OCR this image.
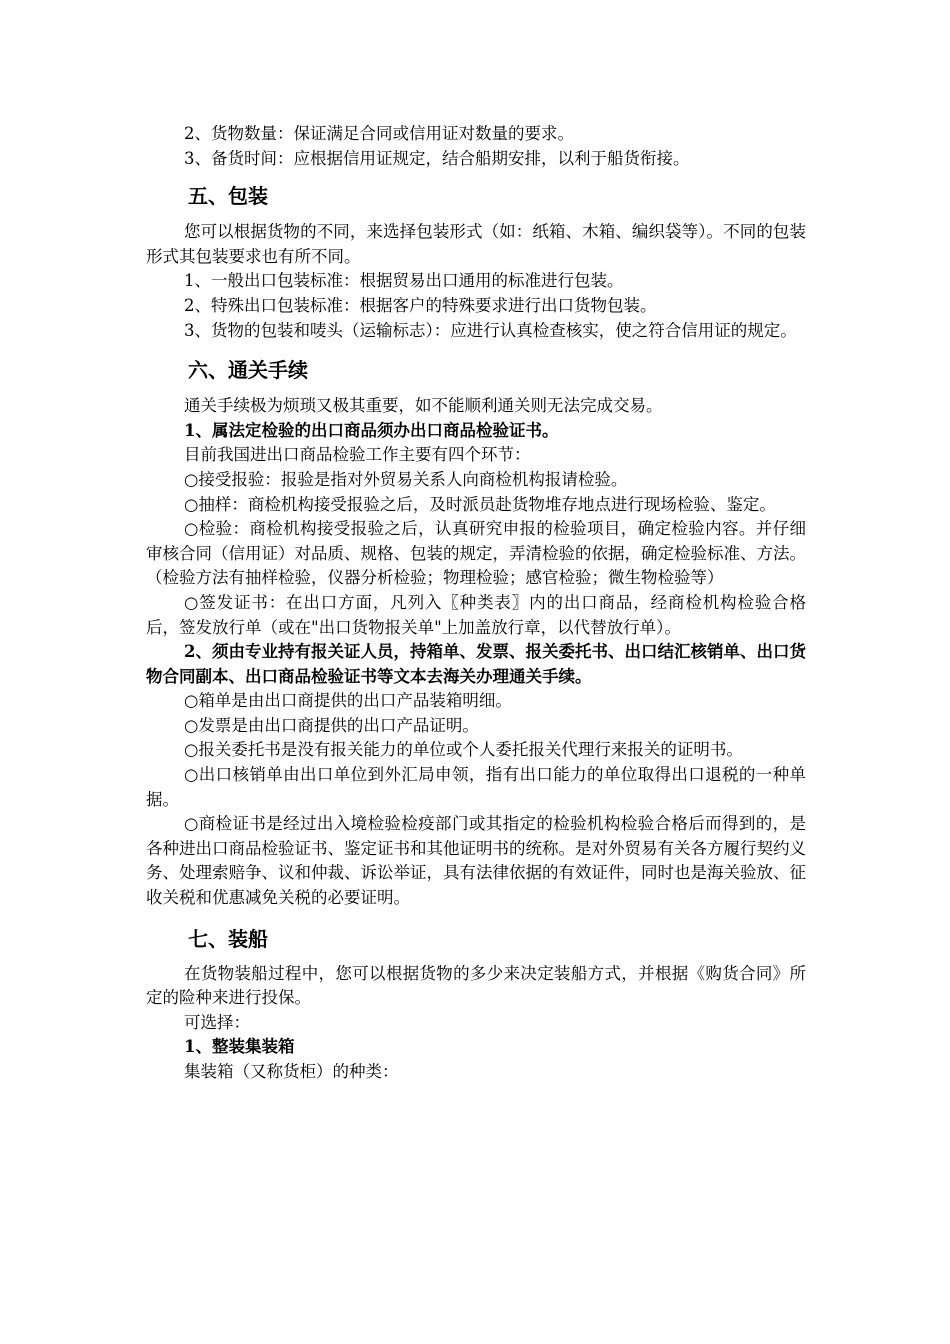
2、货物数量：保证满足合同或信用证对数量的要求。

3、备货时间：应根据信用证规定，结合船期安排，以利于船货衔接。

五、包装

您可以根据货物的不同，来选择包装形式（如：纸箱、木箱、编织袋等）。不同的包装形式其包装要求也有所不同。

1、一般出口包装标准：根据贸易出口通用的标准进行包装。

2、特殊出口包装标准：根据客户的特殊要求进行出口货物包装。

3、货物的包装和唛头（运输标志）：应进行认真检查核实，使之符合信用证的规定。

六、通关手续

通关手续极为烦琐又极其重要，如不能顺利通关则无法完成交易。

1、属法定检验的出口商品须办出口商品检验证书。

目前我国进出口商品检验工作主要有四个环节：

○接受报验：报验是指对外贸易关系人向商检机构报请检验。

○抽样：商检机构接受报验之后，及时派员赴货物堆存地点进行现场检验、鉴定。

○检验：商检机构接受报验之后，认真研究申报的检验项目，确定检验内容。并仔细审核合同（信用证）对品质、规格、包装的规定，弄清检验的依据，确定检验标准、方法。（检验方法有抽样检验，仪器分析检验；物理检验；感官检验；微生物检验等）

○签发证书：在出口方面，凡列入〖种类表〗内的出口商品，经商检机构检验合格后，签发放行单（或在"出口货物报关单"上加盖放行章，以代替放行单）。

2、须由专业持有报关证人员，持箱单、发票、报关委托书、出口结汇核销单、出口货物合同副本、出口商品检验证书等文本去海关办理通关手续。

○箱单是由出口商提供的出口产品装箱明细。

○发票是由出口商提供的出口产品证明。

○报关委托书是没有报关能力的单位或个人委托报关代理行来报关的证明书。

○出口核销单由出口单位到外汇局申领，指有出口能力的单位取得出口退税的一种单据。

○商检证书是经过出入境检验检疫部门或其指定的检验机构检验合格后而得到的，是各种进出口商品检验证书、鉴定证书和其他证明书的统称。是对外贸易有关各方履行契约义务、处理索赔争、议和仲裁、诉讼举证，具有法律依据的有效证件，同时也是海关验放、征收关税和优惠减免关税的必要证明。

七、装船

在货物装船过程中，您可以根据货物的多少来决定装船方式，并根据《购货合同》所定的险种来进行投保。

可选择：

1、整装集装箱

集装箱（又称货柜）的种类：
